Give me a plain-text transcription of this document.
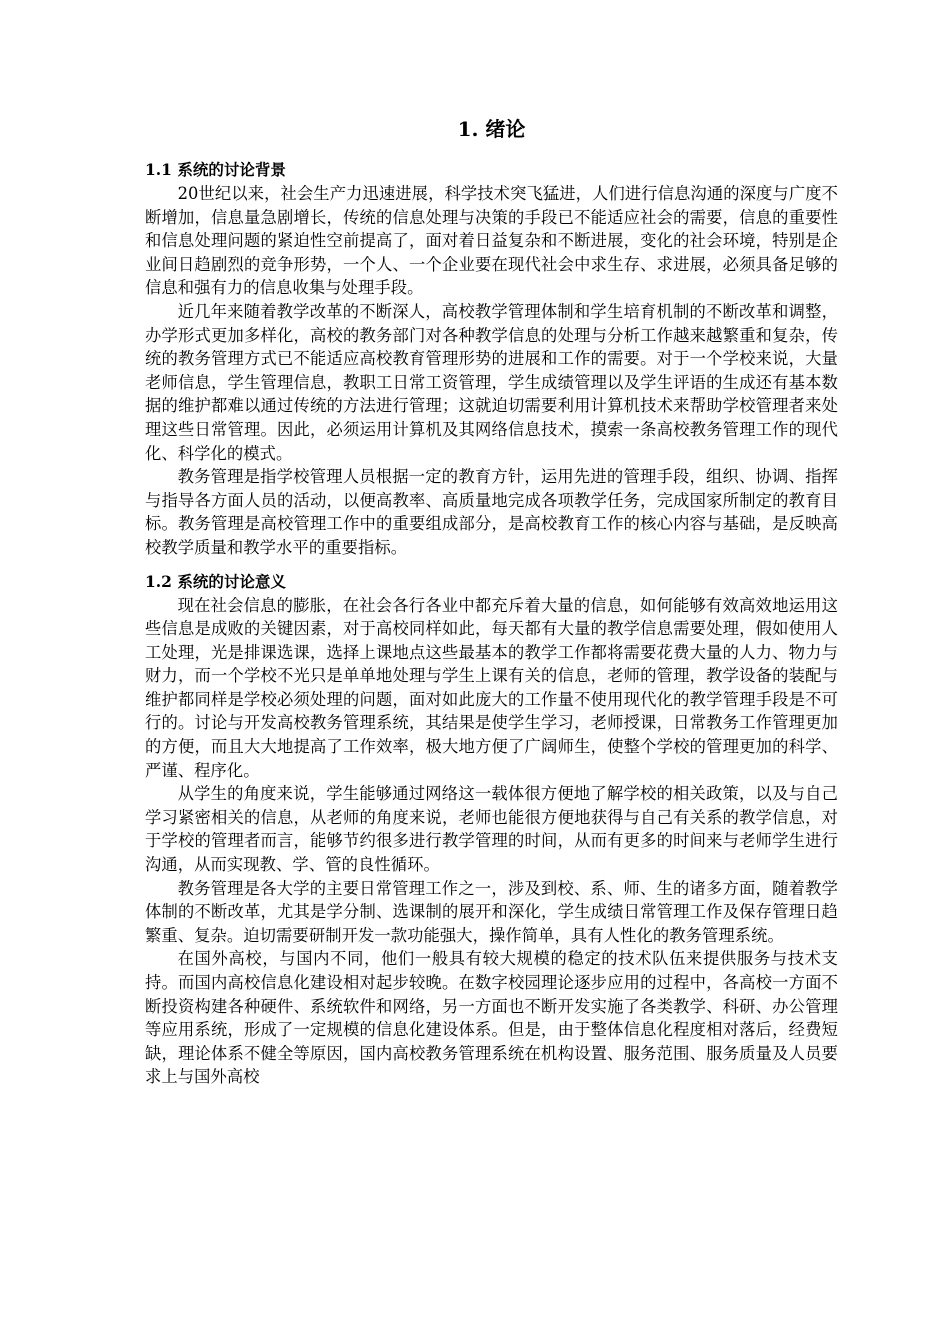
1. 绪论
1.1 系统的讨论背景

20世纪以来，社会生产力迅速进展，科学技术突飞猛进，人们进行信息沟通的深度与广度不断增加，信息量急剧增长，传统的信息处理与决策的手段已不能适应社会的需要，信息的重要性和信息处理问题的紧迫性空前提高了，面对着日益复杂和不断进展，变化的社会环境，特别是企业间日趋剧烈的竞争形势，一个人、一个企业要在现代社会中求生存、求进展，必须具备足够的信息和强有力的信息收集与处理手段。

近几年来随着教学改革的不断深人，高校教学管理体制和学生培育机制的不断改革和调整，办学形式更加多样化，高校的教务部门对各种教学信息的处理与分析工作越来越繁重和复杂，传统的教务管理方式已不能适应高校教育管理形势的进展和工作的需要。对于一个学校来说，大量老师信息，学生管理信息，教职工日常工资管理，学生成绩管理以及学生评语的生成还有基本数据的维护都难以通过传统的方法进行管理；这就迫切需要利用计算机技术来帮助学校管理者来处理这些日常管理。因此，必须运用计算机及其网络信息技术，摸索一条高校教务管理工作的现代化、科学化的模式。

教务管理是指学校管理人员根据一定的教育方针，运用先进的管理手段，组织、协调、指挥与指导各方面人员的活动，以便高教率、高质量地完成各项教学任务，完成国家所制定的教育目标。教务管理是高校管理工作中的重要组成部分，是高校教育工作的核心内容与基础，是反映高校教学质量和教学水平的重要指标。

1.2 系统的讨论意义

现在社会信息的膨胀，在社会各行各业中都充斥着大量的信息，如何能够有效高效地运用这些信息是成败的关键因素，对于高校同样如此，每天都有大量的教学信息需要处理，假如使用人工处理，光是排课选课，选择上课地点这些最基本的教学工作都将需要花费大量的人力、物力与财力，而一个学校不光只是单单地处理与学生上课有关的信息，老师的管理，教学设备的装配与维护都同样是学校必须处理的问题，面对如此庞大的工作量不使用现代化的教学管理手段是不可行的。讨论与开发高校教务管理系统，其结果是使学生学习，老师授课，日常教务工作管理更加的方便，而且大大地提高了工作效率，极大地方便了广阔师生，使整个学校的管理更加的科学、严谨、程序化。

从学生的角度来说，学生能够通过网络这一载体很方便地了解学校的相关政策，以及与自己学习紧密相关的信息，从老师的角度来说，老师也能很方便地获得与自己有关系的教学信息，对于学校的管理者而言，能够节约很多进行教学管理的时间，从而有更多的时间来与老师学生进行沟通，从而实现教、学、管的良性循环。

教务管理是各大学的主要日常管理工作之一，涉及到校、系、师、生的诸多方面，随着教学体制的不断改革，尤其是学分制、选课制的展开和深化，学生成绩日常管理工作及保存管理日趋繁重、复杂。迫切需要研制开发一款功能强大，操作简单，具有人性化的教务管理系统。

在国外高校，与国内不同，他们一般具有较大规模的稳定的技术队伍来提供服务与技术支持。而国内高校信息化建设相对起步较晚。在数字校园理论逐步应用的过程中，各高校一方面不断投资构建各种硬件、系统软件和网络，另一方面也不断开发实施了各类教学、科研、办公管理等应用系统，形成了一定规模的信息化建设体系。但是，由于整体信息化程度相对落后，经费短缺，理论体系不健全等原因，国内高校教务管理系统在机构设置、服务范围、服务质量及人员要求上与国外高校
